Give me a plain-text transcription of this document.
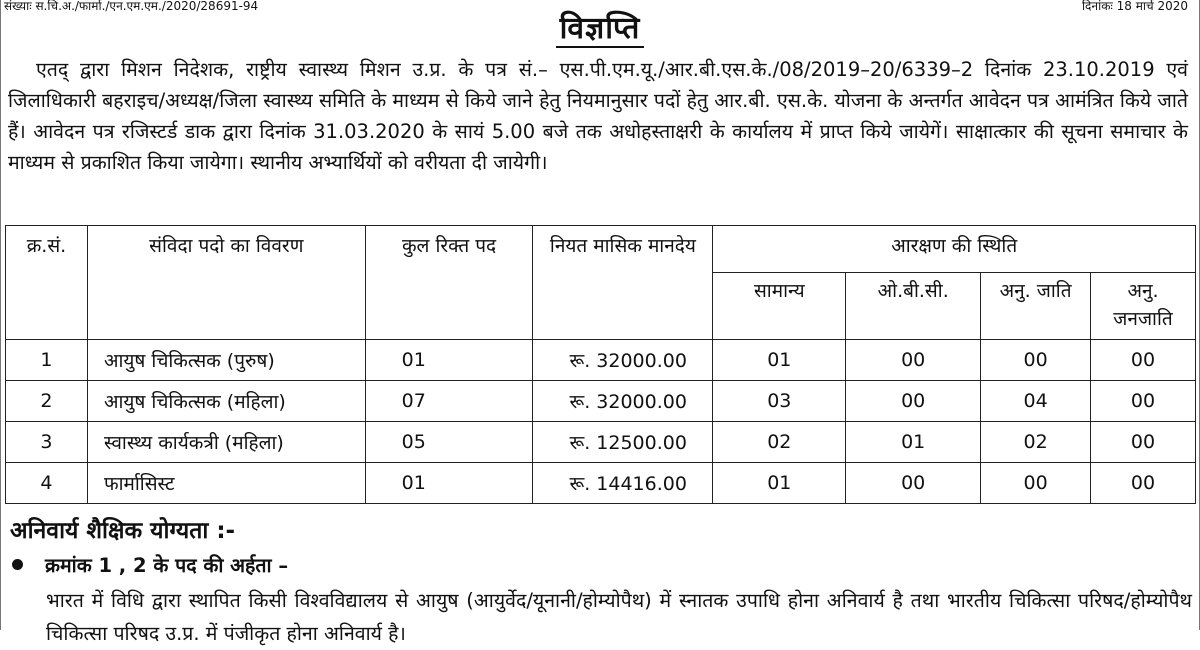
संख्याः स.चि.अ./फार्मा./एन.एम.एम./2020/28691-94	दिनांकः 18 मार्च 2020
विज्ञप्ति
एतद् द्वारा मिशन निदेशक, राष्ट्रीय स्वास्थ्य मिशन उ.प्र. के पत्र सं.– एस.पी.एम.यू./आर.बी.एस.के./08/2019–20/6339–2 दिनांक 23.10.2019 एवं जिलाधिकारी बहराइच/अध्यक्ष/जिला स्वास्थ्य समिति के माध्यम से किये जाने हेतु नियमानुसार पदों हेतु आर.बी. एस.के. योजना के अन्तर्गत आवेदन पत्र आमंत्रित किये जाते हैं। आवेदन पत्र रजिस्टर्ड डाक द्वारा दिनांक 31.03.2020 के सायं 5.00 बजे तक अधोहस्ताक्षरी के कार्यालय में प्राप्त किये जायेगें। साक्षात्कार की सूचना समाचार के माध्यम से प्रकाशित किया जायेगा। स्थानीय अभ्यार्थियों को वरीयता दी जायेगी।
क्र.सं.	संविदा पदो का विवरण	कुल रिक्त पद	नियत मासिक मानदेय	आरक्षण की स्थिति			
				सामान्य	ओ.बी.सी.	अनु. जाति	अनु. जनजाति
1	आयुष चिकित्सक (पुरुष)	01	रू. 32000.00	01	00	00	00
2	आयुष चिकित्सक (महिला)	07	रू. 32000.00	03	00	04	00
3	स्वास्थ्य कार्यकत्री (महिला)	05	रू. 12500.00	02	01	02	00
4	फार्मासिस्ट	01	रू. 14416.00	01	00	00	00
अनिवार्य शैक्षिक योग्यता :-
क्रमांक 1 , 2 के पद की अर्हता –
भारत में विधि द्वारा स्थापित किसी विश्वविद्यालय से आयुष (आयुर्वेद/यूनानी/होम्योपैथ) में स्नातक उपाधि होना अनिवार्य है तथा भारतीय चिकित्सा परिषद/होम्योपैथ चिकित्सा परिषद उ.प्र. में पंजीकृत होना अनिवार्य है।
